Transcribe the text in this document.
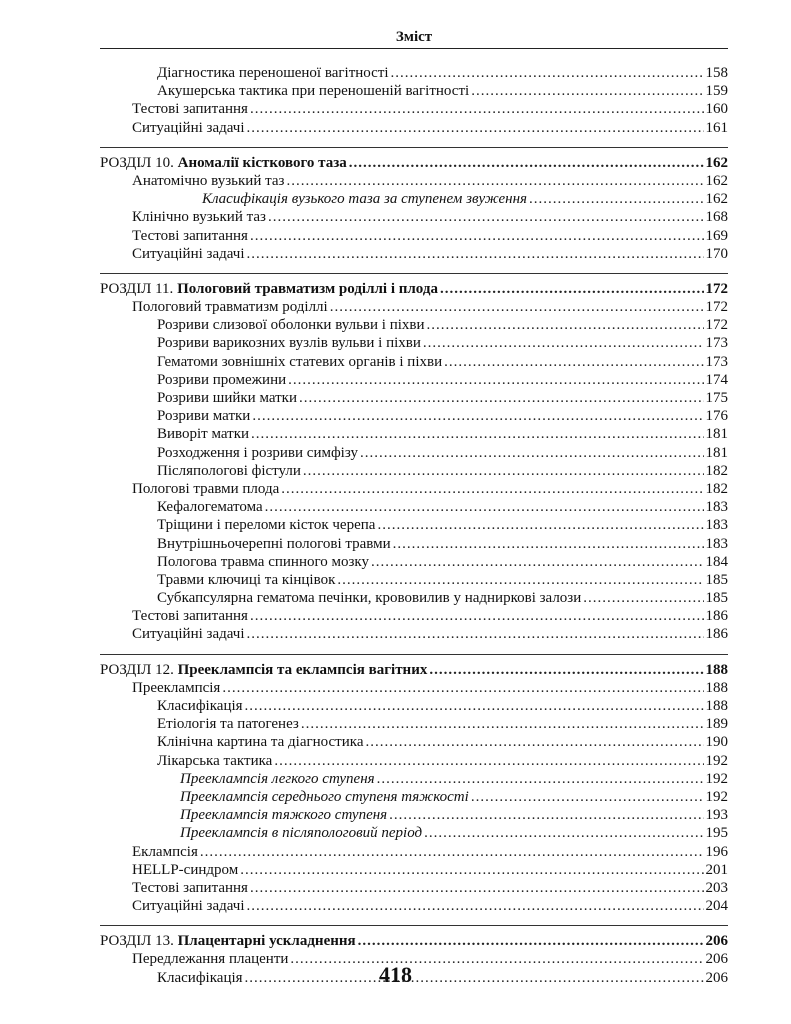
Зміст
Діагностика переношеної вагітності .....	158
Акушерська тактика при переношеній вагітності .....	159
Тестові запитання .....	160
Ситуаційні задачі .....	161
РОЗДІЛ 10. Аномалії кісткового таза .....	162
Анатомічно вузький таз .....	162
Класифікація вузького таза за ступенем звуження .....	162
Клінічно вузький таз .....	168
Тестові запитання .....	169
Ситуаційні задачі .....	170
РОЗДІЛ 11. Пологовий травматизм роділлі і плода .....	172
Пологовий травматизм роділлі .....	172
Розриви слизової оболонки вульви і піхви .....	172
Розриви варикозних вузлів вульви і піхви .....	173
Гематоми зовнішніх статевих органів і піхви .....	173
Розриви промежини .....	174
Розриви шийки матки .....	175
Розриви матки .....	176
Виворіт матки .....	181
Розходження і розриви симфізу .....	181
Післяпологові фістули .....	182
Пологові травми плода .....	182
Кефалогематома .....	183
Тріщини і переломи кісток черепа .....	183
Внутрішньочерепні пологові травми .....	183
Пологова травма спинного мозку .....	184
Травми ключиці та кінцівок .....	185
Субкапсулярна гематома печінки, крововилив у надниркові залози .....	185
Тестові запитання .....	186
Ситуаційні задачі .....	186
РОЗДІЛ 12. Прееклампсія та еклампсія вагітних .....	188
Прееклампсія .....	188
Класифікація .....	188
Етіологія та патогенез .....	189
Клінічна картина та діагностика .....	190
Лікарська тактика .....	192
Прееклампсія легкого ступеня .....	192
Прееклампсія середнього ступеня тяжкості .....	192
Прееклампсія тяжкого ступеня .....	193
Прееклампсія в післяпологовий період .....	195
Еклампсія .....	196
HELLP-синдром .....	201
Тестові запитання .....	203
Ситуаційні задачі .....	204
РОЗДІЛ 13. Плацентарні ускладнення .....	206
Передлежання плаценти .....	206
Класифікація .....	206
418
